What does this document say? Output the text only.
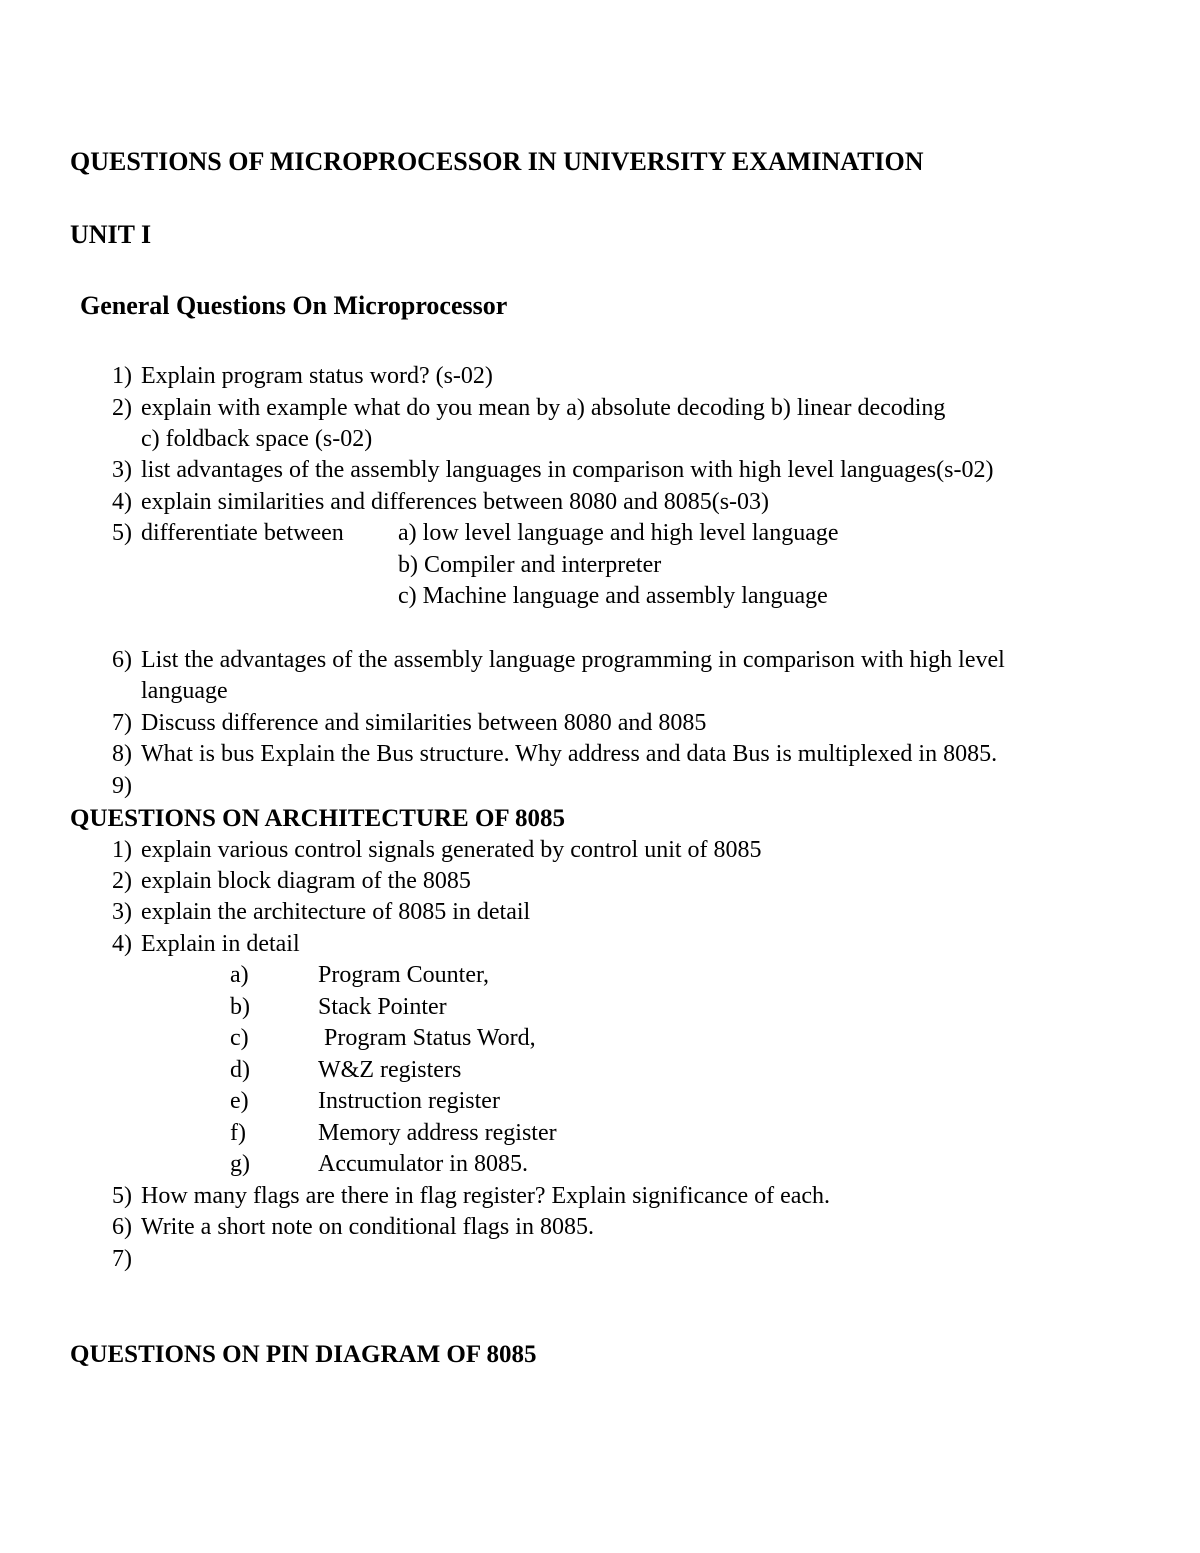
QUESTIONS OF MICROPROCESSOR IN UNIVERSITY EXAMINATION
UNIT I
General Questions On Microprocessor
1) Explain program status word? (s-02)
2) explain with example what do you mean by a) absolute decoding b) linear decoding
c) foldback space (s-02)
3) list advantages of the assembly languages in comparison with high level languages(s-02)
4) explain similarities and differences between 8080 and 8085(s-03)
5) differentiate between a) low level language and high level language
b) Compiler and interpreter
c) Machine language and assembly language
6) List the advantages of the assembly language programming in comparison with high level
language
7) Discuss difference and similarities between 8080 and 8085
8) What is bus Explain the Bus structure. Why address and data Bus is multiplexed in 8085.
9)
QUESTIONS ON ARCHITECTURE OF 8085
1) explain various control signals generated by control unit of 8085
2) explain block diagram of the 8085
3) explain the architecture of 8085 in detail
4) Explain in detail
a)	Program Counter,
b)	Stack Pointer
c)	Program Status Word,
d)	W&Z registers
e)	Instruction register
f)	Memory address register
g)	Accumulator in 8085.
5) How many flags are there in flag register? Explain significance of each.
6) Write a short note on conditional flags in 8085.
7)
QUESTIONS ON PIN DIAGRAM OF 8085
